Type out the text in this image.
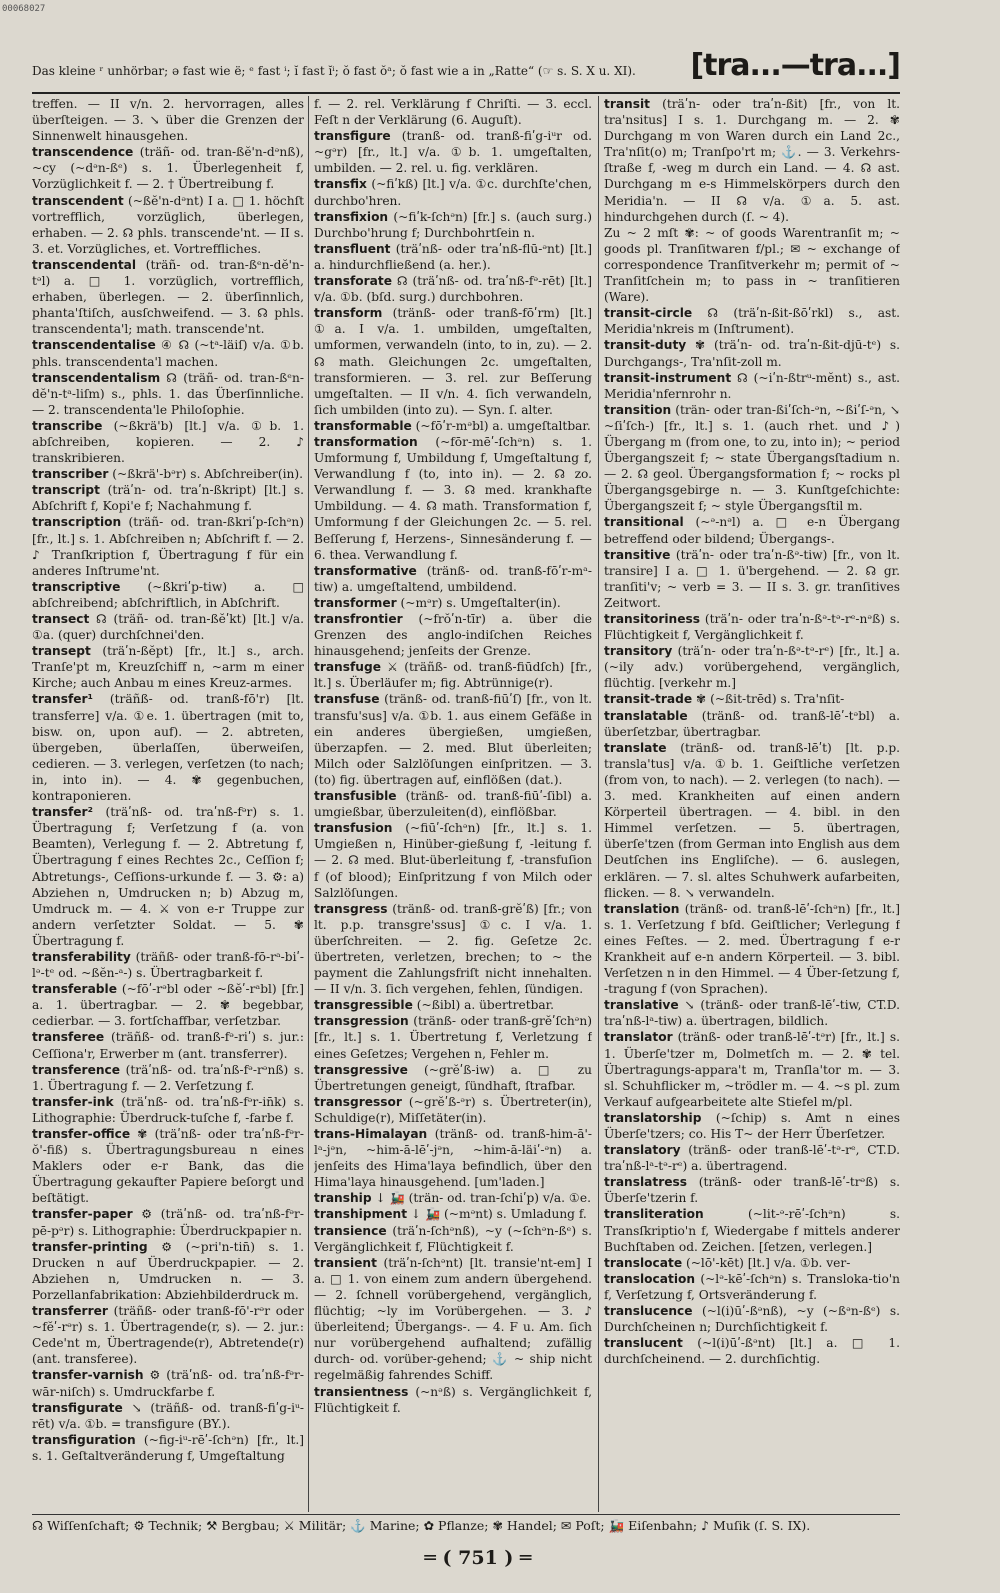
00068027
Das kleine ʳ unhörbar; ə fast wie ë; ᵉ fast ⁱ; ĭ fast ĭⁱ; ŏ fast ŏᵃ; ŏ fast wie a in „Ratte“ (☞ s. S. X u. XI).	[tra...—tra...]

treffen. — II v/n. 2. hervorragen, alles überſteigen. — 3. ↘ über die Grenzen der Sinnenwelt hinausgehen.

transcendence (träñ- od. tran-ßĕ'n-dᵊnß), ~cy (~dᵊn-ßᵉ) s. 1. Überlegenheit f, Vorzüglichkeit f. — 2. † Übertreibung f.

transcendent (~ßĕ'n-dᵊnt) I a. □ 1. höchſt vortrefflich, vorzüglich, überlegen, erhaben. — 2. ☊ phls. transcende'nt. — II s. 3. et. Vorzügliches, et. Vortreffliches.

transcendental (träñ- od. tran-ßᵉn-dĕ'n-tᵊl) a. □ 1. vorzüglich, vortrefflich, erhaben, überlegen. — 2. überſinnlich, phanta'ſtiſch, ausſchweifend. — 3. ☊ phls. transcendenta'l; math. transcende'nt.

transcendentalise ④ ☊ (~tᵃ-läiſ) v/a. ①b. phls. transcendenta'l machen.

transcendentalism ☊ (träñ- od. tran-ßᵉn-dĕ'n-tᵃ-liſm) s., phls. 1. das Überſinnliche. — 2. transcendenta'le Philoſophie.

transcribe (~ßkrä'b) [lt.] v/a. ①b. 1. abſchreiben, kopieren. — 2. ♪ transkribieren.

transcriber (~ßkrä'-bᵊr) s. Abſchreiber(in).

transcript (träʹn- od. traʹn-ßkript) [lt.] s. Abſchrift f, Kopi'e f; Nachahmung f.

transcription (träñ- od. tran-ßkriʹp-ſchᵊn) [fr., lt.] s. 1. Abſchreiben n; Abſchrift f. — 2. ♪ Tranſkription f, Übertragung f für ein anderes Inſtrume'nt.

transcriptive (~ßkriʹp-tiw) a. □ abſchreibend; abſchriftlich, in Abſchrift.

transect ☊ (träñ- od. tran-ßĕʹkt) [lt.] v/a. ①a. (quer) durchſchnei'den.

transept (träʹn-ßĕpt) [fr., lt.] s., arch. Tranſe'pt m, Kreuzſchiff n, ~arm m einer Kirche; auch Anbau m eines Kreuz-armes.

transfer¹ (träñß- od. tranß-fō'r) [lt. transferre] v/a. ①e. 1. übertragen (mit to, bisw. on, upon auf). — 2. abtreten, übergeben, überlaſſen, überweiſen, cedieren. — 3. verlegen, verſetzen (to nach; in, into in). — 4. ✾ gegenbuchen, kontraponieren.

transfer² (träʹnß- od. traʹnß-fᵊr) s. 1. Übertragung f; Verſetzung f (a. von Beamten), Verlegung f. — 2. Abtretung f, Übertragung f eines Rechtes 2c., Ceſſion f; Abtretungs-, Ceſſions-urkunde f. — 3. ⚙: a) Abziehen n, Umdrucken n; b) Abzug m, Umdruck m. — 4. ⚔ von e-r Truppe zur andern verſetzter Soldat. — 5. ✾ Übertragung f.

transferability (träñß- oder tranß-fō-rᵃ-biʹ-lᵊ-tᵉ od. ~ßĕn-ᵃ-) s. Übertragbarkeit f.

transferable (~fōʹ-rᵊbl oder ~ßĕʹ-rᵃbl) [fr.] a. 1. übertragbar. — 2. ✾ begebbar, cedierbar. — 3. fortſchaffbar, verſetzbar.

transferee (träñß- od. tranß-fᵊ-riʹ) s. jur.: Ceſſiona'r, Erwerber m (ant. transferrer).

transference (träʹnß- od. traʹnß-fᵊ-rᵊnß) s. 1. Übertragung f. — 2. Verſetzung f.

transfer-ink (träʹnß- od. traʹnß-fᵊr-in̄k) s. Lithographie: Überdruck-tuſche f, -farbe f.

transfer-office ✾ (träʹnß- oder traʹnß-fᵊr-ŏ'-fiß) s. Übertragungsbureau n eines Maklers oder e-r Bank, das die Übertragung gekaufter Papiere beſorgt und beſtätigt.

transfer-paper ⚙ (träʹnß- od. traʹnß-fᵊr-pē-pᵊr) s. Lithographie: Überdruckpapier n.

transfer-printing ⚙ (~pri'n-tin̄) s. 1. Drucken n auf Überdruckpapier. — 2. Abziehen n, Umdrucken n. — 3. Porzellanfabrikation: Abziehbilderdruck m.

transferrer (träñß- oder tranß-fō'-rᵊr oder ~fĕʹ-rᵊr) s. 1. Übertragende(r, s). — 2. jur.: Cede'nt m, Übertragende(r), Abtretende(r) (ant. transferee).

transfer-varnish ⚙ (träʹnß- od. traʹnß-fᵊr-wār-niſch) s. Umdruckfarbe f.

transfigurate ↘ (träñß- od. tranß-fiʹg-iᵘ-rēt) v/a. ①b. = transfigure (BY.).

transfiguration (~fig-iᵘ-rēʹ-ſchᵊn) [fr., lt.] s. 1. Geſtaltveränderung f, Umgeſtaltung

f. — 2. rel. Verklärung f Chriſti. — 3. eccl. Feſt n der Verklärung (6. Auguſt).

transfigure (tranß- od. tranß-fiʹg-iᵘr od. ~gᵊr) [fr., lt.] v/a. ①b. 1. umgeſtalten, umbilden. — 2. rel. u. fig. verklären.

transfix (~fiʹkß) [lt.] v/a. ①c. durchſte'chen, durchbo'hren.

transfixion (~fiʹk-ſchᵊn) [fr.] s. (auch surg.) Durchbo'hrung f; Durchbohrtſein n.

transfluent (träʹnß- oder traʹnß-flū-ᵊnt) [lt.] a. hindurchfließend (a. her.).

transforate ☊ (träʹnß- od. traʹnß-fᵊ-rēt) [lt.] v/a. ①b. (bſd. surg.) durchbohren.

transform (tränß- oder tranß-fōʹrm) [lt.] ①a. I v/a. 1. umbilden, umgeſtalten, umformen, verwandeln (into, to in, zu). — 2. ☊ math. Gleichungen 2c. umgeſtalten, transformieren. — 3. rel. zur Beſſerung umgeſtalten. — II v/n. 4. ſich verwandeln, ſich umbilden (into zu). — Syn. ſ. alter.

transformable (~fōʹr-mᵊbl) a. umgeſtaltbar.

transformation (~fōr-mēʹ-ſchᵊn) s. 1. Umformung f, Umbildung f, Umgeſtaltung f, Verwandlung f (to, into in). — 2. ☊ zo. Verwandlung f. — 3. ☊ med. krankhafte Umbildung. — 4. ☊ math. Transformation f, Umformung f der Gleichungen 2c. — 5. rel. Beſſerung f, Herzens-, Sinnesänderung f. — 6. thea. Verwandlung f.

transformative (tränß- od. tranß-fōʹr-mᵃ-tiw) a. umgeſtaltend, umbildend.

transformer (~mᵊr) s. Umgeſtalter(in).

transfrontier (~frŏʹn-tīr) a. über die Grenzen des anglo-indiſchen Reiches hinausgehend; jenſeits der Grenze.

transfuge ⚔ (träñß- od. tranß-fiūdſch) [fr., lt.] s. Überläufer m; fig. Abtrünnige(r).

transfuse (tränß- od. tranß-fiūʹſ) [fr., von lt. transfu'sus] v/a. ①b. 1. aus einem Gefäße in ein anderes übergießen, umgießen, überzapfen. — 2. med. Blut überleiten; Milch oder Salzlöſungen einſpritzen. — 3. (to) fig. übertragen auf, einflößen (dat.).

transfusible (tränß- od. tranß-fiūʹ-ſibl) a. umgießbar, überzuleiten(d), einflößbar.

transfusion (~fiūʹ-ſchᵊn) [fr., lt.] s. 1. Umgießen n, Hinüber-gießung f, -leitung f. — 2. ☊ med. Blut-überleitung f, -transfuſion f (of blood); Einſpritzung f von Milch oder Salzlöſungen.

transgress (tränß- od. tranß-grĕʹß) [fr.; von lt. p.p. transgre'ssus] ①c. I v/a. 1. überſchreiten. — 2. fig. Geſetze 2c. übertreten, verletzen, brechen; to ~ the payment die Zahlungsfriſt nicht innehalten. — II v/n. 3. ſich vergehen, fehlen, ſündigen.

transgressible (~ßibl) a. übertretbar.

transgression (tränß- oder tranß-grĕʹſchᵊn) [fr., lt.] s. 1. Übertretung f, Verletzung f eines Geſetzes; Vergehen n, Fehler m.

transgressive (~grĕʹß-iw) a. □ zu Übertretungen geneigt, ſündhaft, ſtrafbar.

transgressor (~grĕʹß-ᵊr) s. Übertreter(in), Schuldige(r), Miſſetäter(in).

trans-Himalayan (tränß- od. tranß-him-ā'-lᵃ-jᵊn, ~him-ā-lēʹ-jᵊn, ~him-ā-läiʹ-ᵊn) a. jenſeits des Hima'laya befindlich, über den Hima'laya hinausgehend. [um'laden.]

tranship ↓ 🚂 (trän- od. tran-ſchiʹp) v/a. ①e.

transhipment ↓ 🚂 (~mᵊnt) s. Umladung f.

transience (träʹn-ſchᵊnß), ~y (~ſchᵊn-ßᵉ) s. Vergänglichkeit f, Flüchtigkeit f.

transient (träʹn-ſchᵊnt) [lt. transie'nt-em] I a. □ 1. von einem zum andern übergehend. — 2. ſchnell vorübergehend, vergänglich, flüchtig; ~ly im Vorübergehen. — 3. ♪ überleitend; Übergangs-. — 4. F u. Am. ſich nur vorübergehend aufhaltend; zufällig durch- od. vorüber-gehend; ⚓ ~ ship nicht regelmäßig fahrendes Schiff.

transientness (~nᵊß) s. Vergänglichkeit f, Flüchtigkeit f.

transit (träʹn- oder traʹn-ßit) [fr., von lt. tra'nsitus] I s. 1. Durchgang m. — 2. ✾ Durchgang m von Waren durch ein Land 2c., Tra'nſit(o) m; Tranſpo'rt m; ⚓. — 3. Verkehrs-ſtraße f, -weg m durch ein Land. — 4. ☊ ast. Durchgang m e-s Himmelskörpers durch den Meridia'n. — II ☊ v/a. ①a. 5. ast. hindurchgehen durch (ſ. ~ 4).

Zu ~ 2 mſt ✾: ~ of goods Warentranſit m; ~ goods pl. Tranſitwaren f/pl.; ✉ ~ exchange of correspondence Tranſitverkehr m; permit of ~ Tranſitſchein m; to pass in ~ tranſitieren (Ware).

transit-circle ☊ (träʹn-ßit-ßōʹrkl) s., ast. Meridia'nkreis m (Inſtrument).

transit-duty ✾ (träʹn- od. traʹn-ßit-djū-tᵉ) s. Durchgangs-, Tra'nſit-zoll m.

transit-instrument ☊ (~iʹn-ßtrᵘ-mĕnt) s., ast. Meridia'nfernrohr n.

transition (trän- oder tran-ßiʹſch-ᵊn, ~ßiʹſ-ᵊn, ↘ ~ſiʹſch-) [fr., lt.] s. 1. (auch rhet. und ♪) Übergang m (from one, to zu, into in); ~ period Übergangszeit f; ~ state Übergangsſtadium n. — 2. ☊ geol. Übergangsformation f; ~ rocks pl Übergangsgebirge n. — 3. Kunſtgeſchichte: Übergangszeit f; ~ style Übergangsſtil m.

transitional (~ᵊ-nᵊl) a. □ e-n Übergang betreffend oder bildend; Übergangs-.

transitive (träʹn- oder traʹn-ßᵊ-tiw) [fr., von lt. transire] I a. □ 1. ü'bergehend. — 2. ☊ gr. tranſiti'v; ~ verb = 3. — II s. 3. gr. tranſitives Zeitwort.

transitoriness (träʹn- oder traʹn-ßᵊ-tᵊ-rᵉ-nᵊß) s. Flüchtigkeit f, Vergänglichkeit f.

transitory (träʹn- oder traʹn-ßᵊ-tᵊ-rᵉ) [fr., lt.] a. (~ily adv.) vorübergehend, vergänglich, flüchtig. [verkehr m.]

transit-trade ✾ (~ßit-trēd) s. Tra'nſit-

translatable (tränß- od. tranß-lēʹ-tᵊbl) a. überſetzbar, übertragbar.

translate (tränß- od. tranß-lēʹt) [lt. p.p. transla'tus] v/a. ①b. 1. Geiſtliche verſetzen (from von, to nach). — 2. verlegen (to nach). — 3. med. Krankheiten auf einen andern Körperteil übertragen. — 4. bibl. in den Himmel verſetzen. — 5. übertragen, überſe'tzen (from German into English aus dem Deutſchen ins Engliſche). — 6. auslegen, erklären. — 7. sl. altes Schuhwerk aufarbeiten, flicken. — 8. ↘ verwandeln.

translation (tränß- od. tranß-lēʹ-ſchᵊn) [fr., lt.] s. 1. Verſetzung f bſd. Geiſtlicher; Verlegung f eines Feſtes. — 2. med. Übertragung f e-r Krankheit auf e-n andern Körperteil. — 3. bibl. Verſetzen n in den Himmel. — 4 Über-ſetzung f, -tragung f (von Sprachen).

translative ↘ (tränß- oder tranß-lēʹ-tiw, CT.D. traʹnß-lᵃ-tiw) a. übertragen, bildlich.

translator (tränß- oder tranß-lēʹ-tᵊr) [fr., lt.] s. 1. Überſe'tzer m, Dolmetſch m. — 2. ✾ tel. Übertragungs-appara't m, Tranſla'tor m. — 3. sl. Schuhflicker m, ~trödler m. — 4. ~s pl. zum Verkauf aufgearbeitete alte Stiefel m/pl.

translatorship (~ſchip) s. Amt n eines Überſe'tzers; co. His T~ der Herr Überſetzer.

translatory (tränß- oder tranß-lēʹ-tᵊ-rᵉ, CT.D. traʹnß-lᵃ-tᵊ-rᵉ) a. übertragend.

translatress (tränß- oder tranß-lēʹ-trᵊß) s. Überſe'tzerin f.

transliteration (~lit-ᵊ-rēʹ-ſchᵊn) s. Transſkriptio'n f, Wiedergabe f mittels anderer Buchſtaben od. Zeichen. [ſetzen, verlegen.]

translocate (~lō'-kēt) [lt.] v/a. ①b. ver-

translocation (~lᵊ-kēʹ-ſchᵊn) s. Transloka-tio'n f, Verſetzung f, Ortsveränderung f.

translucence (~l(i)ūʹ-ßᵊnß), ~y (~ßᵊn-ßᵉ) s. Durchſcheinen n; Durchſichtigkeit f.

translucent (~l(i)ūʹ-ßᵊnt) [lt.] a. □ 1. durchſcheinend. — 2. durchſichtig.

☊ Wiſſenſchaft; ⚙ Technik; ⚒ Bergbau; ⚔ Militär; ⚓ Marine; ✿ Pflanze; ✾ Handel; ✉ Poſt; 🚂 Eiſenbahn; ♪ Muſik (ſ. S. IX).
═ ( 751 ) ═
